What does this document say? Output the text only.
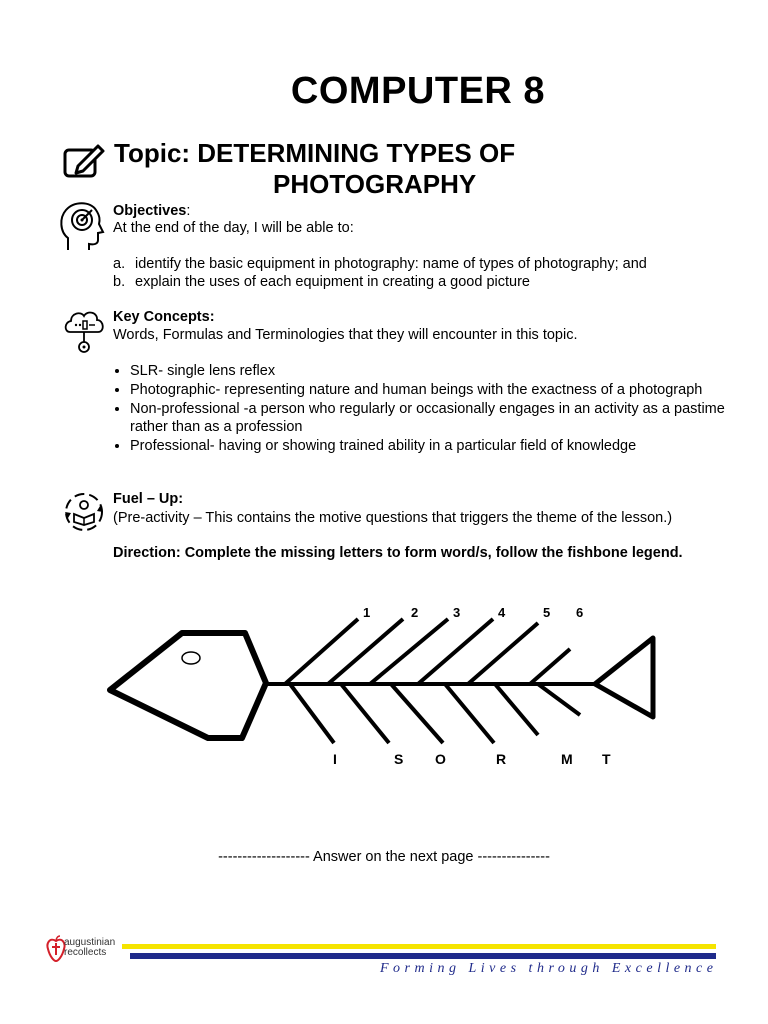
COMPUTER 8
Topic: DETERMINING TYPES OF
PHOTOGRAPHY
Objectives:
At the end of the day, I will be able to:
a. identify the basic equipment in photography: name of types of photography; and
b. explain the uses of each equipment in creating a good picture
Key Concepts:
Words, Formulas and Terminologies that they will encounter in this topic.
• SLR- single lens reflex
• Photographic- representing nature and human beings with the exactness of a photograph
• Non-professional -a person who regularly or occasionally engages in an activity as a pastime rather than as a profession
• Professional- having or showing trained ability in a particular field of knowledge
Fuel – Up:
(Pre-activity – This contains the motive questions that triggers the theme of the lesson.)
Direction: Complete the missing letters to form word/s, follow the fishbone legend.
1	2	3	4	5 6
I	S O	R	M T
------------------- Answer on the next page ---------------
augustinian
recollects
Forming Lives through Excellence
